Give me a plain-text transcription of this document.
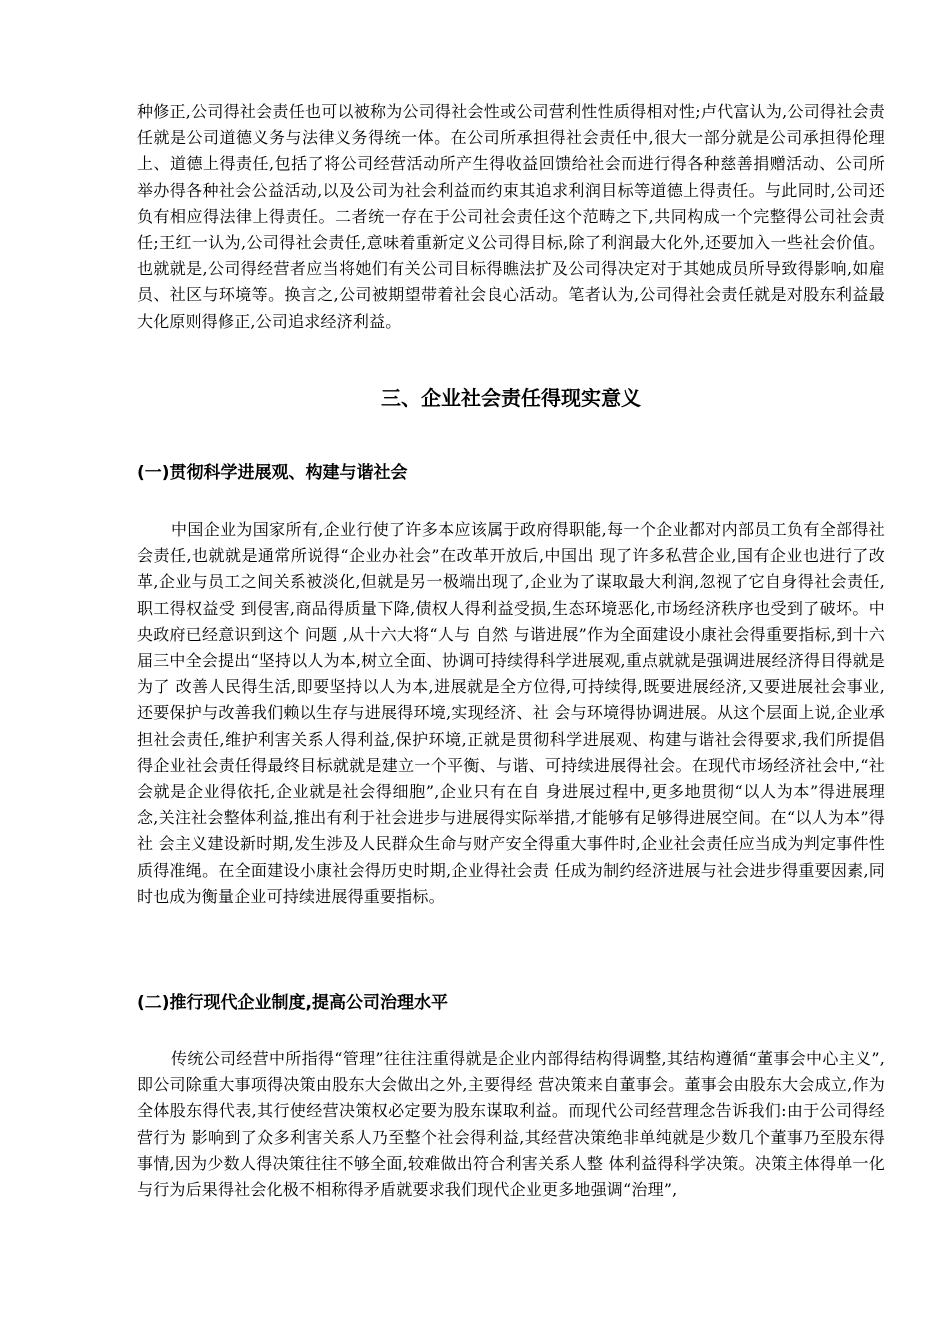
种修正,公司得社会责任也可以被称为公司得社会性或公司营利性性质得相对性;卢代富认为,公司得社会责任就是公司道德义务与法律义务得统一体。在公司所承担得社会责任中,很大一部分就是公司承担得伦理上、道德上得责任,包括了将公司经营活动所产生得收益回馈给社会而进行得各种慈善捐赠活动、公司所举办得各种社会公益活动,以及公司为社会利益而约束其追求利润目标等道德上得责任。与此同时,公司还负有相应得法律上得责任。二者统一存在于公司社会责任这个范畴之下,共同构成一个完整得公司社会责任;王红一认为,公司得社会责任,意味着重新定义公司得目标,除了利润最大化外,还要加入一些社会价值。也就就是,公司得经营者应当将她们有关公司目标得瞧法扩及公司得决定对于其她成员所导致得影响,如雇员、社区与环境等。换言之,公司被期望带着社会良心活动。笔者认为,公司得社会责任就是对股东利益最大化原则得修正,公司追求经济利益。

三、企业社会责任得现实意义
(一)贯彻科学进展观、构建与谐社会

中国企业为国家所有,企业行使了许多本应该属于政府得职能,每一个企业都对内部员工负有全部得社会责任,也就就是通常所说得“企业办社会”在改革开放后,中国出 现了许多私营企业,国有企业也进行了改革,企业与员工之间关系被淡化,但就是另一极端出现了,企业为了谋取最大利润,忽视了它自身得社会责任,职工得权益受 到侵害,商品得质量下降,债权人得利益受损,生态环境恶化,市场经济秩序也受到了破坏。中央政府已经意识到这个 问题 ,从十六大将“人与 自然 与谐进展”作为全面建设小康社会得重要指标,到十六届三中全会提出“坚持以人为本,树立全面、协调可持续得科学进展观,重点就就是强调进展经济得目得就是为了 改善人民得生活,即要坚持以人为本,进展就是全方位得,可持续得,既要进展经济,又要进展社会事业,还要保护与改善我们赖以生存与进展得环境,实现经济、社 会与环境得协调进展。从这个层面上说,企业承担社会责任,维护利害关系人得利益,保护环境,正就是贯彻科学进展观、构建与谐社会得要求,我们所提倡得企业社会责任得最终目标就就是建立一个平衡、与谐、可持续进展得社会。在现代市场经济社会中,“社会就是企业得依托,企业就是社会得细胞”,企业只有在自 身进展过程中,更多地贯彻“以人为本”得进展理念,关注社会整体利益,推出有利于社会进步与进展得实际举措,才能够有足够得进展空间。在“以人为本”得社 会主义建设新时期,发生涉及人民群众生命与财产安全得重大事件时,企业社会责任应当成为判定事件性质得准绳。在全面建设小康社会得历史时期,企业得社会责 任成为制约经济进展与社会进步得重要因素,同时也成为衡量企业可持续进展得重要指标。

(二)推行现代企业制度,提高公司治理水平

传统公司经营中所指得“管理”往往注重得就是企业内部得结构得调整,其结构遵循“董事会中心主义”,即公司除重大事项得决策由股东大会做出之外,主要得经 营决策来自董事会。董事会由股东大会成立,作为全体股东得代表,其行使经营决策权必定要为股东谋取利益。而现代公司经营理念告诉我们:由于公司得经营行为 影响到了众多利害关系人乃至整个社会得利益,其经营决策绝非单纯就是少数几个董事乃至股东得事情,因为少数人得决策往往不够全面,较难做出符合利害关系人整 体利益得科学决策。决策主体得单一化与行为后果得社会化极不相称得矛盾就要求我们现代企业更多地强调“治理”,
